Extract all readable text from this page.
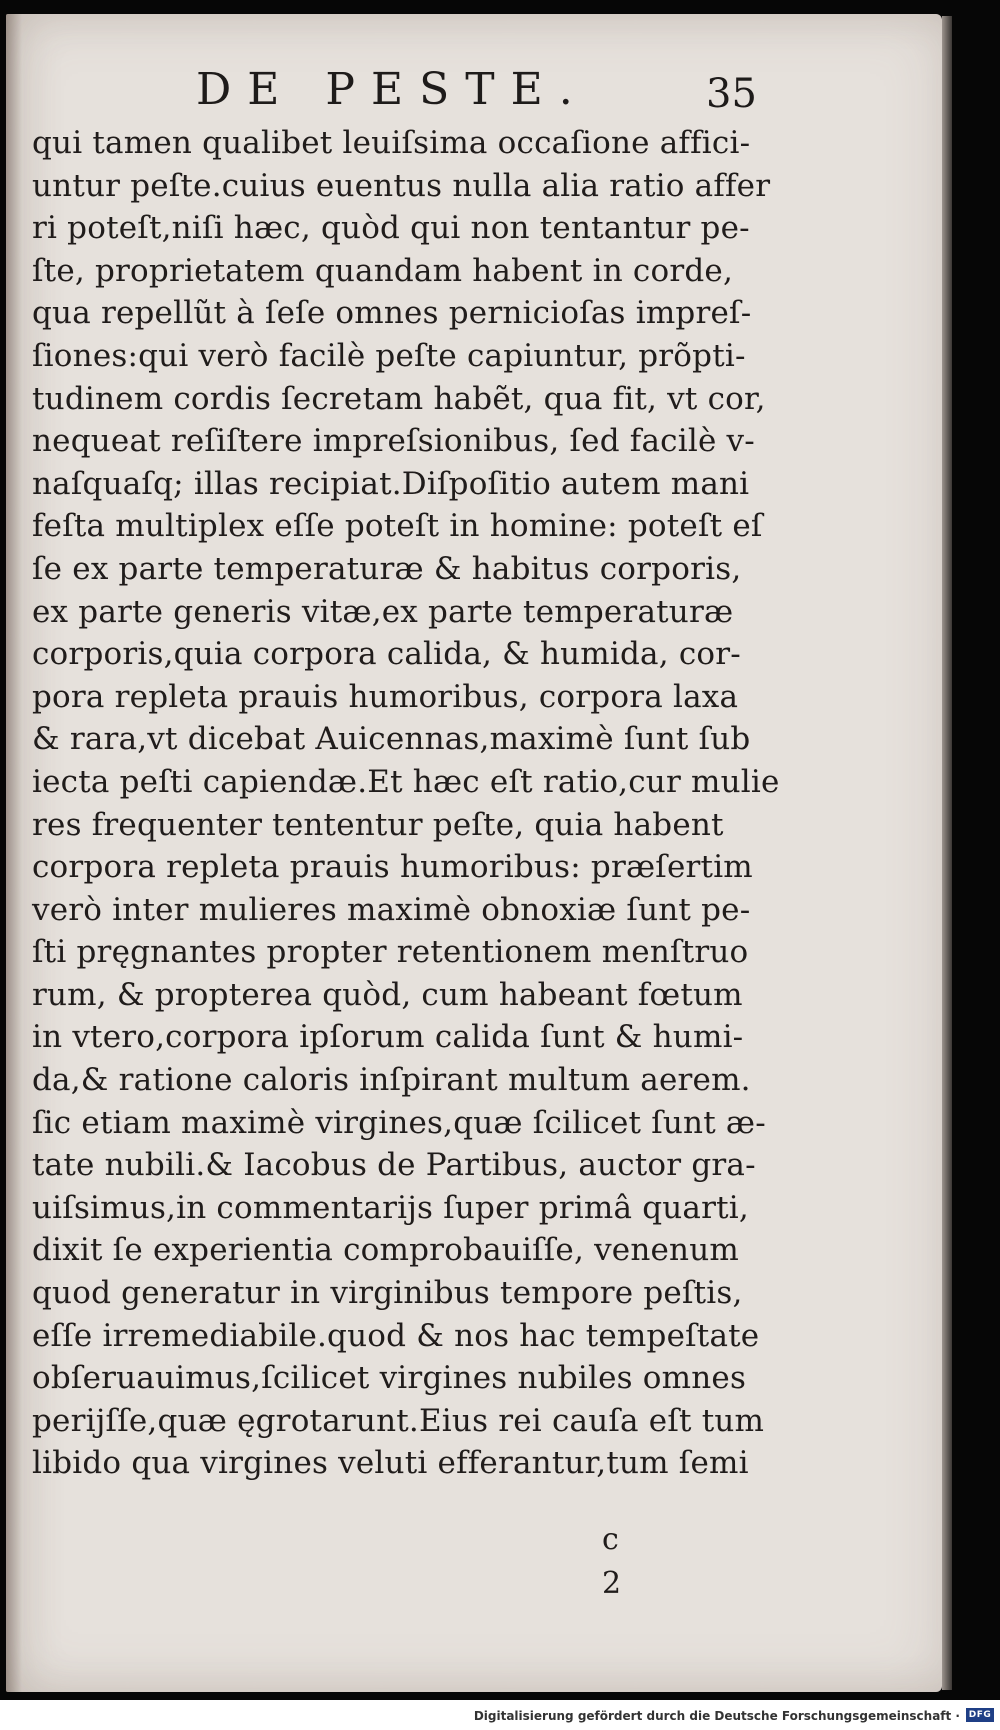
DE PESTE.	35
qui tamen qualibet leuiſsima occaſione affici-
untur peſte.cuius euentus nulla alia ratio affer
ri poteſt,niſi hæc, quòd qui non tentantur pe-
ſte, proprietatem quandam habent in corde,
qua repellũt à ſeſe omnes pernicioſas impreſ-
ſiones:qui verò facilè peſte capiuntur, prõpti-
tudinem cordis ſecretam habẽt, qua fit, vt cor,
nequeat reſiſtere impreſsionibus, ſed facilè v-
naſquaſq; illas recipiat.Diſpoſitio autem mani
feſta multiplex eſſe poteſt in homine: poteſt eſ
ſe ex parte temperaturæ & habitus corporis,
ex parte generis vitæ,ex parte temperaturæ
corporis,quia corpora calida, & humida, cor-
pora repleta prauis humoribus, corpora laxa
& rara,vt dicebat Auicennas,maximè ſunt ſub
iecta peſti capiendæ.Et hæc eſt ratio,cur mulie
res frequenter tententur peſte, quia habent
corpora repleta prauis humoribus: præſertim
verò inter mulieres maximè obnoxiæ ſunt pe-
ſti pręgnantes propter retentionem menſtruo
rum, & propterea quòd, cum habeant fœtum
in vtero,corpora ipſorum calida ſunt & humi-
da,& ratione caloris inſpirant multum aerem.
ſic etiam maximè virgines,quæ ſcilicet ſunt æ-
tate nubili.& Iacobus de Partibus, auctor gra-
uiſsimus,in commentarijs ſuper primâ quarti,
dixit ſe experientia comprobauiſſe, venenum
quod generatur in virginibus tempore peſtis,
eſſe irremediabile.quod & nos hac tempeſtate
obſeruauimus,ſcilicet virgines nubiles omnes
perijſſe,quæ ęgrotarunt.Eius rei cauſa eſt tum
libido qua virgines veluti efferantur,tum ſemi
c 2
Digitalisierung gefördert durch die Deutsche Forschungsgemeinschaft · DFG
